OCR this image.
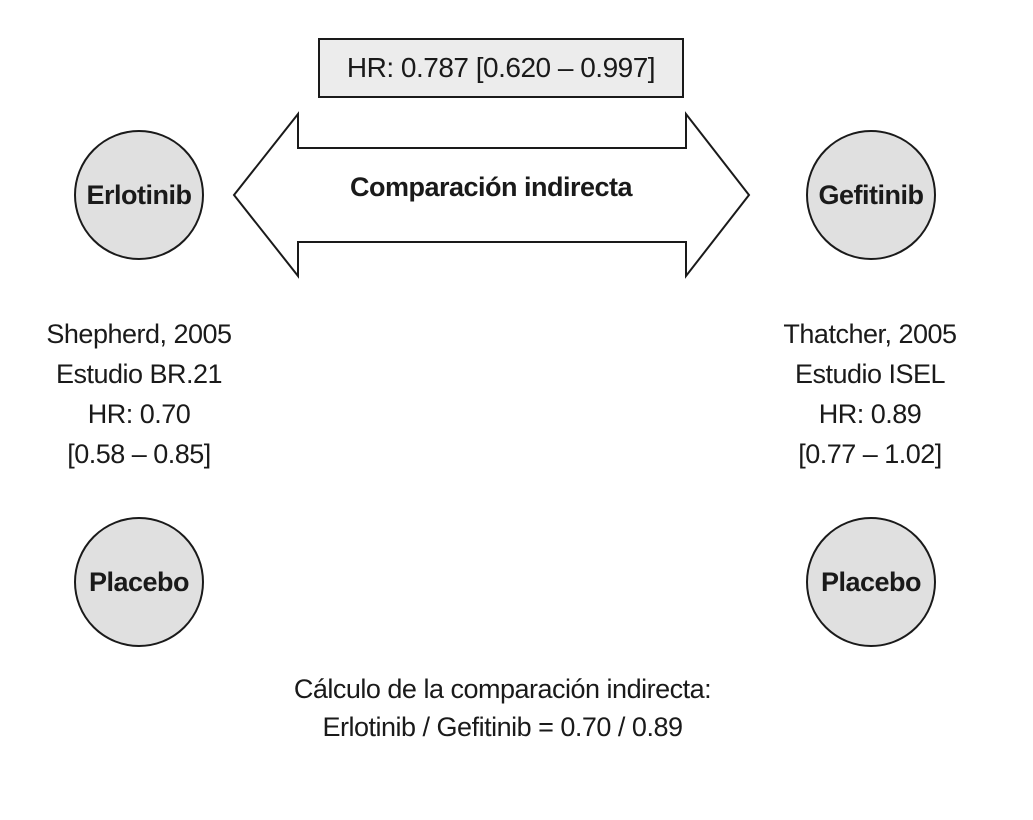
HR: 0.787 [0.620 – 0.997]
Comparación indirecta
Erlotinib	Gefitinib
Placebo	Placebo
Shepherd, 2005
Estudio BR.21
HR: 0.70
[0.58 – 0.85]
Thatcher, 2005
Estudio ISEL
HR: 0.89
[0.77 – 1.02]
Cálculo de la comparación indirecta:
Erlotinib / Gefitinib = 0.70 / 0.89
